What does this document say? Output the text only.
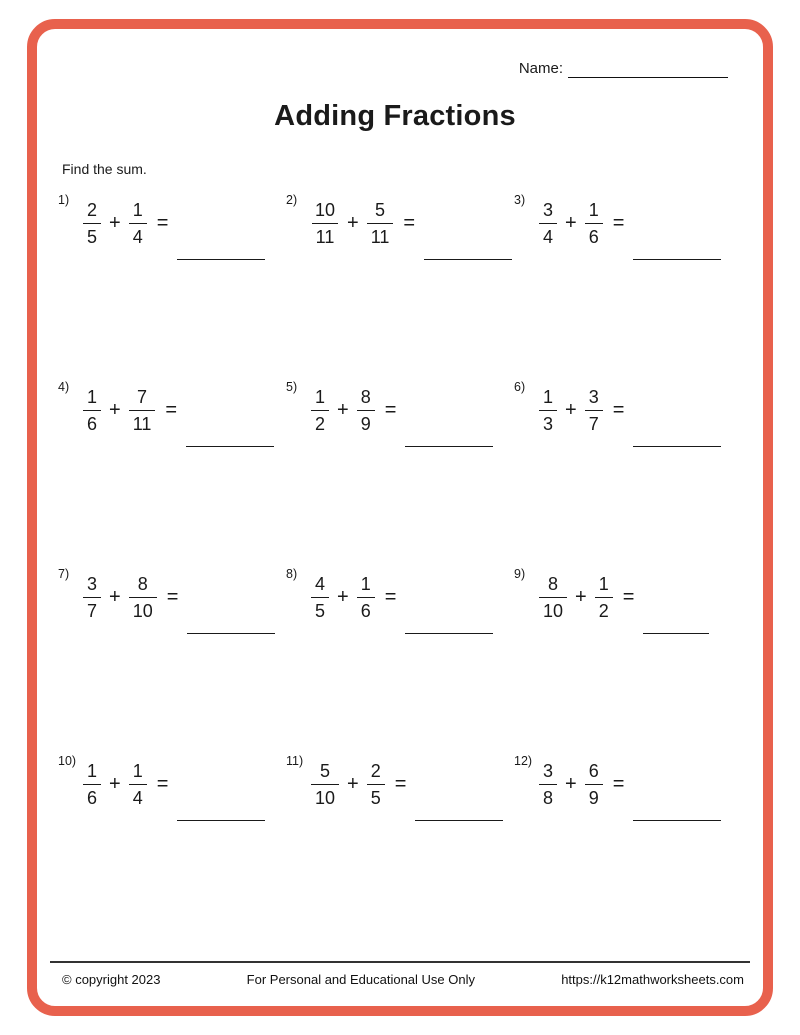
Name:
Adding Fractions
Find the sum.
1)
$\frac{2}{5} + \frac{1}{4}$ =
2)
$\frac{10}{11} + \frac{5}{11}$ =
3)
$\frac{3}{4} + \frac{1}{6}$ =
4)
$\frac{1}{6} + \frac{7}{11}$ =
5)
$\frac{1}{2} + \frac{8}{9}$ =
6)
$\frac{1}{3} + \frac{3}{7}$ =
7)
$\frac{3}{7} + \frac{8}{10}$ =
8)
$\frac{4}{5} + \frac{1}{6}$ =
9)
$\frac{8}{10} + \frac{1}{2}$ =
10)
$\frac{1}{6} + \frac{1}{4}$ =
11)
$\frac{5}{10} + \frac{2}{5}$ =
12)
$\frac{3}{8} + \frac{6}{9}$ =
© copyright 2023	For Personal and Educational Use Only	https://k12mathworksheets.com
